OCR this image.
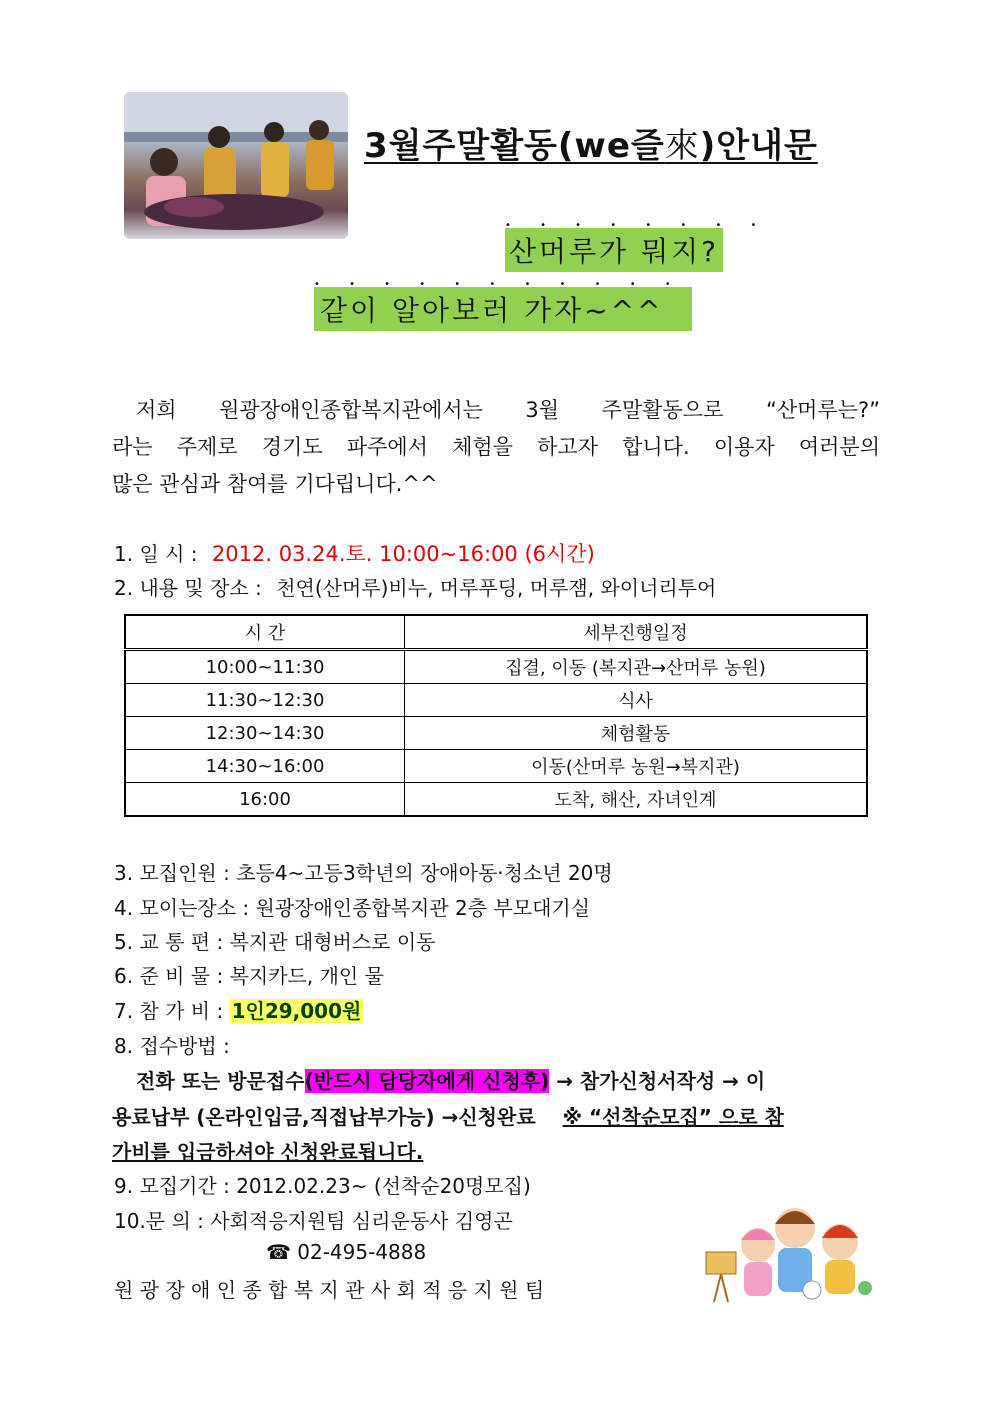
3월주말활동(we즐來)안내문
• • • • • • • •
산머루가 뭐지?
• • • • • • • • • • •
같이 알아보러 가자~^^

저희 원광장애인종합복지관에서는 3월 주말활동으로 “산머루는?”

라는 주제로 경기도 파주에서 체험을 하고자 합니다. 이용자 여러분의

많은 관심과 참여를 기다립니다.^^

1. 일 시 : 2012. 03.24.토. 10:00~16:00 (6시간)
2. 내용 및 장소 : 천연(산머루)비누, 머루푸딩, 머루잼, 와이너리투어
시 간	세부진행일정
10:00~11:30	집결, 이동 (복지관→산머루 농원)
11:30~12:30	식사
12:30~14:30	체험활동
14:30~16:00	이동(산머루 농원→복지관)
16:00	도착, 해산, 자녀인계
3. 모집인원 : 초등4~고등3학년의 장애아동·청소년 20명
4. 모이는장소 : 원광장애인종합복지관 2층 부모대기실
5. 교 통 편 : 복지관 대형버스로 이동
6. 준 비 물 : 복지카드, 개인 물
7. 참 가 비 : 1인29,000원
8. 접수방법 :
전화 또는 방문접수(반드시 담당자에게 신청후) → 참가신청서작성 → 이
용료납부 (온라인입금,직접납부가능) →신청완료 ※ “선착순모집” 으로 참
가비를 입금하셔야 신청완료됩니다.
9. 모집기간 : 2012.02.23~ (선착순20명모집)
10.문 의 : 사회적응지원팀 심리운동사 김영곤
☎ 02-495-4888
원 광 장 애 인 종 합 복 지 관 사 회 적 응 지 원 팀
